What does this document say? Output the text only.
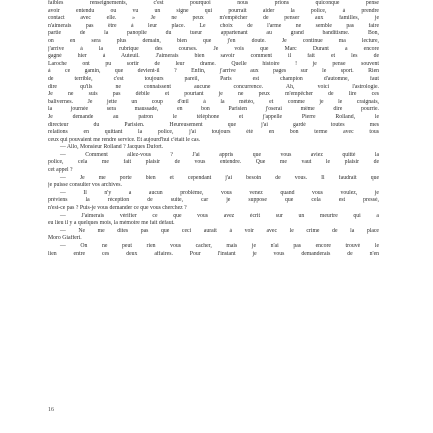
faibles renseignements, c'est pourquoi nous prions quiconque pense
avoir entendu ou vu un signe qui pourrait aider la police, à prendre
contact avec elle. » Je ne peux m'empêcher de penser aux familles, je
n'aimerais pas être à leur place. Le choix de l'arme ne semble pas faire
partie de la panoplie du tueur appartenant au grand banditisme. Bon,
on en sera plus demain, bien que j'en doute. Je continue ma lecture,
j'arrive à la rubrique des courses. Je vois que Marc Durant a encore
gagné hier à Auteuil. J'aimerais bien savoir comment il fait et les de
Laroche ont pu sortir de leur drame. Quelle histoire ! je pense souvent
à ce gamin, que devient-il ? Enfin, j'arrive aux pages sur le sport. Rien
de terrible, c'est toujours pareil, Paris est champion d'automne, faut
dire qu'ils ne connaissent aucune concurrence. Ah, voici l'astrologie.
Je ne suis pas débile et pourtant je ne peux m'empêcher de lire ces
balivernes. Je jette un coup d'œil à la météo, et comme je le craignais,
la journée sera maussade, en bon Parisien j'oserai même dire pourrie.
Je demande au patron le téléphone et j'appelle Pierre Rolland, le
directeur du Parisien. Heureusement que j'ai gardé toutes mes
relations en quittant la police, j'ai toujours été en bon terme avec tous
ceux qui pouvaient me rendre service. Et aujourd'hui c'était le cas.
— Allo, Monsieur Rolland ? Jacques Dufort.
— Comment allez-vous ? J'ai appris que vous aviez quitté la
police, cela me fait plaisir de vous entendre. Que me vaut le plaisir de
cet appel ?
— Je me porte bien et cependant j'ai besoin de vous. Il faudrait que
je puisse consulter vos archives.
— Il n'y a aucun problème, vous venez quand vous voulez, je
préviens la réception de suite, car je suppose que cela est pressé,
n'est-ce pas ? Puis-je vous demander ce que vous cherchez ?
— J'aimerais vérifier ce que vous avez écrit sur un meurtre qui a
eu lieu il y a quelques mois, la mémoire me fait défaut.
— Ne me dites pas que ceci aurait à voir avec le crime de la place
Moro Giafferi.
— On ne peut rien vous cacher, mais je n'ai pas encore trouvé le
lien entre ces deux affaires. Pour l'instant je vous demanderais de n'en
16
